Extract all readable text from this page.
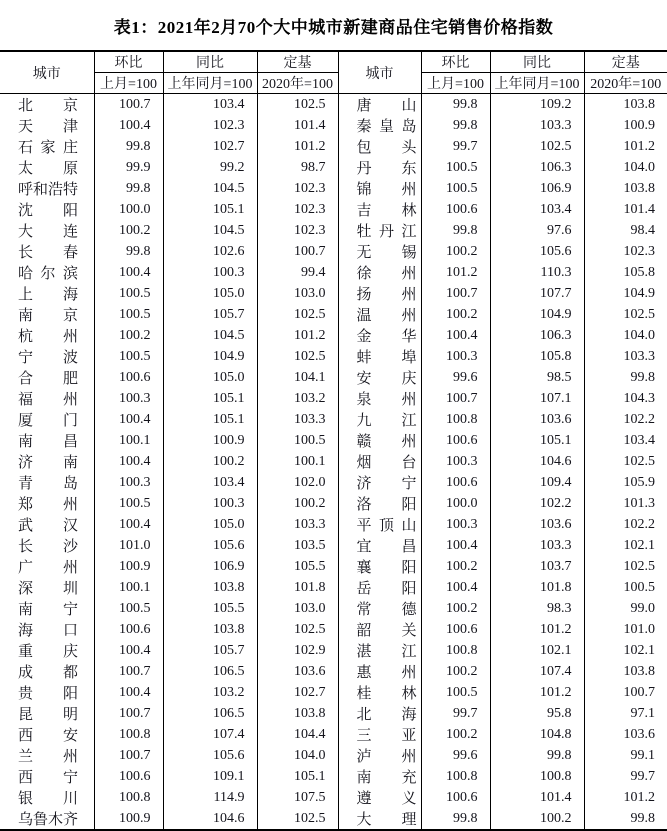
表1：2021年2月70个大中城市新建商品住宅销售价格指数
城市	环比	同比	定基	城市	环比	同比	定基
	上月=100	上年同月=100	2020年=100		上月=100	上年同月=100	2020年=100
北京	100.7	103.4	102.5	唐山	99.8	109.2	103.8
天津	100.4	102.3	101.4	秦皇岛	99.8	103.3	100.9
石家庄	99.8	102.7	101.2	包头	99.7	102.5	101.2
太原	99.9	99.2	98.7	丹东	100.5	106.3	104.0
呼和浩特	99.8	104.5	102.3	锦州	100.5	106.9	103.8
沈阳	100.0	105.1	102.3	吉林	100.6	103.4	101.4
大连	100.2	104.5	102.3	牡丹江	99.8	97.6	98.4
长春	99.8	102.6	100.7	无锡	100.2	105.6	102.3
哈尔滨	100.4	100.3	99.4	徐州	101.2	110.3	105.8
上海	100.5	105.0	103.0	扬州	100.7	107.7	104.9
南京	100.5	105.7	102.5	温州	100.2	104.9	102.5
杭州	100.2	104.5	101.2	金华	100.4	106.3	104.0
宁波	100.5	104.9	102.5	蚌埠	100.3	105.8	103.3
合肥	100.6	105.0	104.1	安庆	99.6	98.5	99.8
福州	100.3	105.1	103.2	泉州	100.7	107.1	104.3
厦门	100.4	105.1	103.3	九江	100.8	103.6	102.2
南昌	100.1	100.9	100.5	赣州	100.6	105.1	103.4
济南	100.4	100.2	100.1	烟台	100.3	104.6	102.5
青岛	100.3	103.4	102.0	济宁	100.6	109.4	105.9
郑州	100.5	100.3	100.2	洛阳	100.0	102.2	101.3
武汉	100.4	105.0	103.3	平顶山	100.3	103.6	102.2
长沙	101.0	105.6	103.5	宜昌	100.4	103.3	102.1
广州	100.9	106.9	105.5	襄阳	100.2	103.7	102.5
深圳	100.1	103.8	101.8	岳阳	100.4	101.8	100.5
南宁	100.5	105.5	103.0	常德	100.2	98.3	99.0
海口	100.6	103.8	102.5	韶关	100.6	101.2	101.0
重庆	100.4	105.7	102.9	湛江	100.8	102.1	102.1
成都	100.7	106.5	103.6	惠州	100.2	107.4	103.8
贵阳	100.4	103.2	102.7	桂林	100.5	101.2	100.7
昆明	100.7	106.5	103.8	北海	99.7	95.8	97.1
西安	100.8	107.4	104.4	三亚	100.2	104.8	103.6
兰州	100.7	105.6	104.0	泸州	99.6	99.8	99.1
西宁	100.6	109.1	105.1	南充	100.8	100.8	99.7
银川	100.8	114.9	107.5	遵义	100.6	101.4	101.2
乌鲁木齐	100.9	104.6	102.5	大理	99.8	100.2	99.8
